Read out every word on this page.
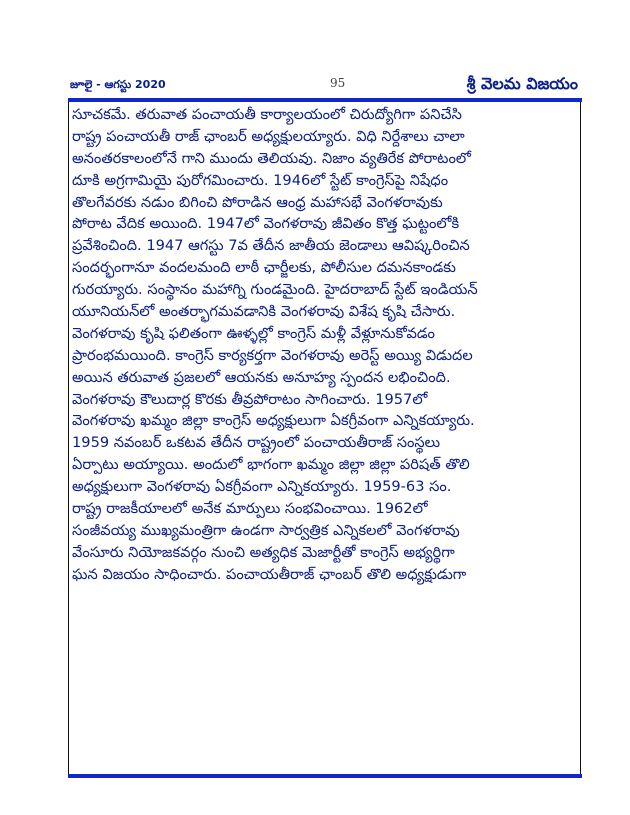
జూలై - ఆగస్టు 2020	95	శ్రీ వెలమ విజయం
సూచకమే. తరువాత పంచాయతీ కార్యాలయంలో చిరుద్యోగిగా పనిచేసి
రాష్ట్ర పంచాయతీ రాజ్ ఛాంబర్ అధ్యక్షులయ్యారు. విధి నిర్దేశాలు చాలా
అనంతరకాలంలోనే గాని ముందు తెలియవు. నిజాం వ్యతిరేక పోరాటంలో
దూకి అగ్రగామియై పురోగమించారు. 1946లో స్టేట్ కాంగ్రెస్‌పై నిషేధం
తొలగేవరకు నడుం బిగించి పోరాడిన ఆంధ్ర మహాసభే వెంగళరావుకు
పోరాట వేదిక అయింది. 1947లో వెంగళరావు జీవితం కొత్త ఘట్టంలోకి
ప్రవేశించింది. 1947 ఆగస్టు 7వ తేదీన జాతీయ జెండాలు ఆవిష్కరించిన
సందర్భంగానూ వందలమంది లాఠీ ఛార్జీలకు, పోలీసుల దమనకాండకు
గురయ్యారు. సంస్థానం మహాగ్ని గుండమైంది. హైదరాబాద్ స్టేట్ ఇండియన్
యూనియన్‌లో అంతర్భాగమవడానికి వెంగళరావు విశేష కృషి చేసారు.
వెంగళరావు కృషి ఫలితంగా ఊళ్ళల్లో కాంగ్రెస్ మళ్లీ వేళ్లూనుకోవడం
ప్రారంభమయింది. కాంగ్రెస్ కార్యకర్తగా వెంగళరావు అరెస్ట్ అయ్యి విడుదల
అయిన తరువాత ప్రజలలో ఆయనకు అనూహ్య స్పందన లభించింది.
వెంగళరావు కౌలుదార్ల కొరకు తీవ్రపోరాటం సాగించారు. 1957లో
వెంగళరావు ఖమ్మం జిల్లా కాంగ్రెస్ అధ్యక్షులుగా ఏకగ్రీవంగా ఎన్నికయ్యారు.
1959 నవంబర్ ఒకటవ తేదీన రాష్ట్రంలో పంచాయతీరాజ్ సంస్థలు
ఏర్పాటు అయ్యాయి. అందులో భాగంగా ఖమ్మం జిల్లా జిల్లా పరిషత్ తొలి
అధ్యక్షులుగా వెంగళరావు ఏకగ్రీవంగా ఎన్నికయ్యారు. 1959-63 సం.
రాష్ట్ర రాజకీయాలలో అనేక మార్పులు సంభవించాయి. 1962లో
సంజీవయ్య ముఖ్యమంత్రిగా ఉండగా సార్వత్రిక ఎన్నికలలో వెంగళరావు
వేంసూరు నియోజకవర్గం నుంచి అత్యధిక మెజార్టీతో కాంగ్రెస్ అభ్యర్థిగా
ఘన విజయం సాధించారు. పంచాయతీరాజ్ ఛాంబర్ తొలి అధ్యక్షుడుగా
